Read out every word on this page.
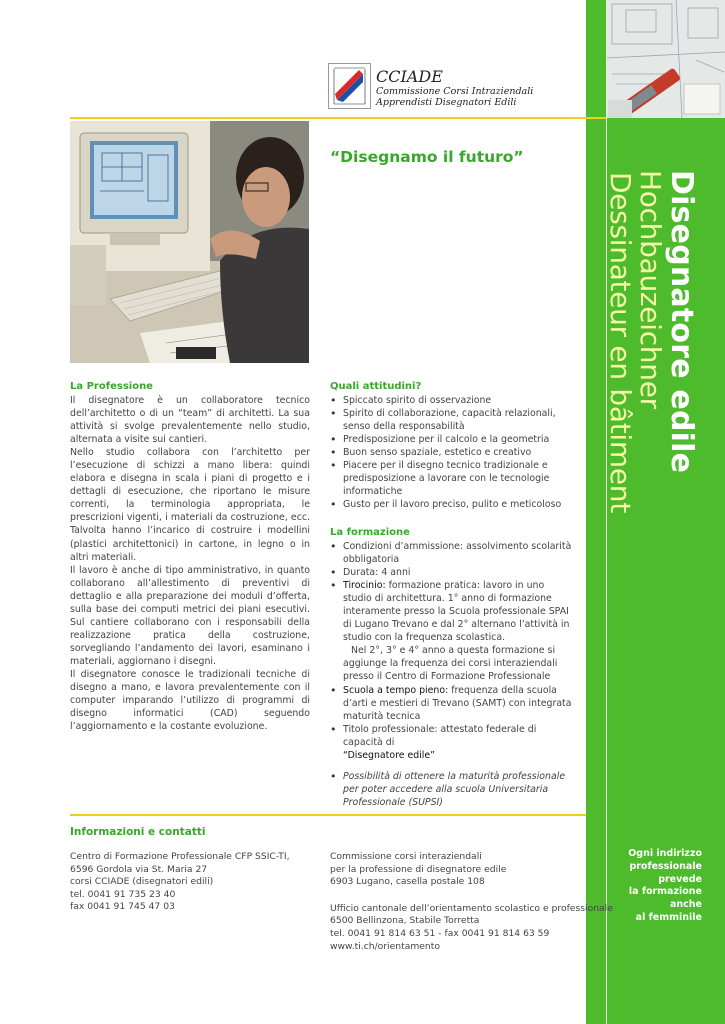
Disegnatore edile
Hochbauzeichner
Dessinateur en bâtiment
CCIADE
Commissione Corsi Intraziendali
Apprendisti Disegnatori Edili
“Disegnamo il futuro”
La Professione

Il disegnatore è un collaboratore tecnico dell’architetto o di un “team” di architetti. La sua attività si svolge prevalentemente nello studio, alternata a visite sui cantieri.

Nello studio collabora con l’architetto per l’esecuzione di schizzi a mano libera: quindi elabora e disegna in scala i piani di progetto e i dettagli di esecuzione, che riportano le misure correnti, la terminologia appropriata, le prescrizioni vigenti, i materiali da costruzione, ecc. Talvolta hanno l’incarico di costruire i modellini (plastici architettonici) in cartone, in legno o in altri materiali.

Il lavoro è anche di tipo amministrativo, in quanto collaborano all’allestimento di preventivi di dettaglio e alla preparazione dei moduli d’offerta, sulla base dei computi metrici dei piani esecutivi. Sul cantiere collaborano con i responsabili della realizzazione pratica della costruzione, sorvegliando l’andamento dei lavori, esaminano i materiali, aggiornano i disegni.

Il disegnatore conosce le tradizionali tecniche di disegno a mano, e lavora prevalentemente con il computer imparando l’utilizzo di programmi di disegno informatici (CAD) seguendo l’aggiornamento e la costante evoluzione.

Quali attitudini?
• Spiccato spirito di osservazione
• Spirito di collaborazione, capacità relazionali, senso della responsabilità
• Predisposizione per il calcolo e la geometria
• Buon senso spaziale, estetico e creativo
• Piacere per il disegno tecnico tradizionale e predisposizione a lavorare con le tecnologie informatiche
• Gusto per il lavoro preciso, pulito e meticoloso
La formazione
• Condizioni d’ammissione: assolvimento scolarità obbligatoria
• Durata: 4 anni
• Tirocinio: formazione pratica: lavoro in uno studio di architettura. 1° anno di formazione interamente presso la Scuola professionale SPAI di Lugano Trevano e dal 2° alternano l’attività in studio con la frequenza scolastica.
Nel 2°, 3° e 4° anno a questa formazione si aggiunge la frequenza dei corsi interaziendali presso il Centro di Formazione Professionale
• Scuola a tempo pieno: frequenza della scuola d’arti e mestieri di Trevano (SAMT) con integrata maturità tecnica
• Titolo professionale: attestato federale di capacità di
“Disegnatore edile”
• Possibilità di ottenere la maturità professionale per poter accedere alla scuola Universitaria Professionale (SUPSI)
Informazioni e contatti
Centro di Formazione Professionale CFP SSIC-TI,
6596 Gordola via St. Maria 27
corsi CCIADE (disegnatori edili)
tel. 0041 91 735 23 40
fax 0041 91 745 47 03
Commissione corsi interaziendali
per la professione di disegnatore edile
6903 Lugano, casella postale 108
Ufficio cantonale dell’orientamento scolastico e professionale
6500 Bellinzona, Stabile Torretta
tel. 0041 91 814 63 51 - fax 0041 91 814 63 59
www.ti.ch/orientamento
Ogni indirizzo
professionale
prevede
la formazione
anche
al femminile
